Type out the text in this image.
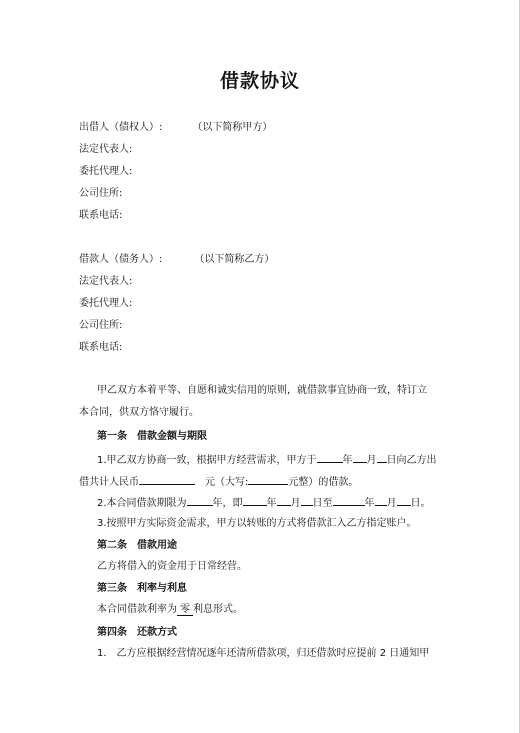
借款协议
出借人（债权人）:	（以下简称甲方）
法定代表人:
委托代理人:
公司住所:
联系电话:
借款人（债务人）:	（以下简称乙方）
法定代表人:
委托代理人:
公司住所:
联系电话:
甲乙双方本着平等、自愿和诚实信用的原则，就借款事宜协商一致，特订立
本合同，供双方恪守履行。
第一条　借款金额与期限
1.甲乙双方协商一致，根据甲方经营需求，甲方于	年 月 日向乙方出
借共计人民币	元（大写:	元整）的借款。
2.本合同借款期限为	年，即 年 月 日至	年 月 日。
3.按照甲方实际资金需求，甲方以转账的方式将借款汇入乙方指定账户。
第二条　借款用途
乙方将借入的资金用于日常经营。
第三条　利率与利息
本合同借款利率为 零 利息形式。
第四条　还款方式
1.　乙方应根据经营情况逐年还清所借款项，归还借款时应提前 2 日通知甲
